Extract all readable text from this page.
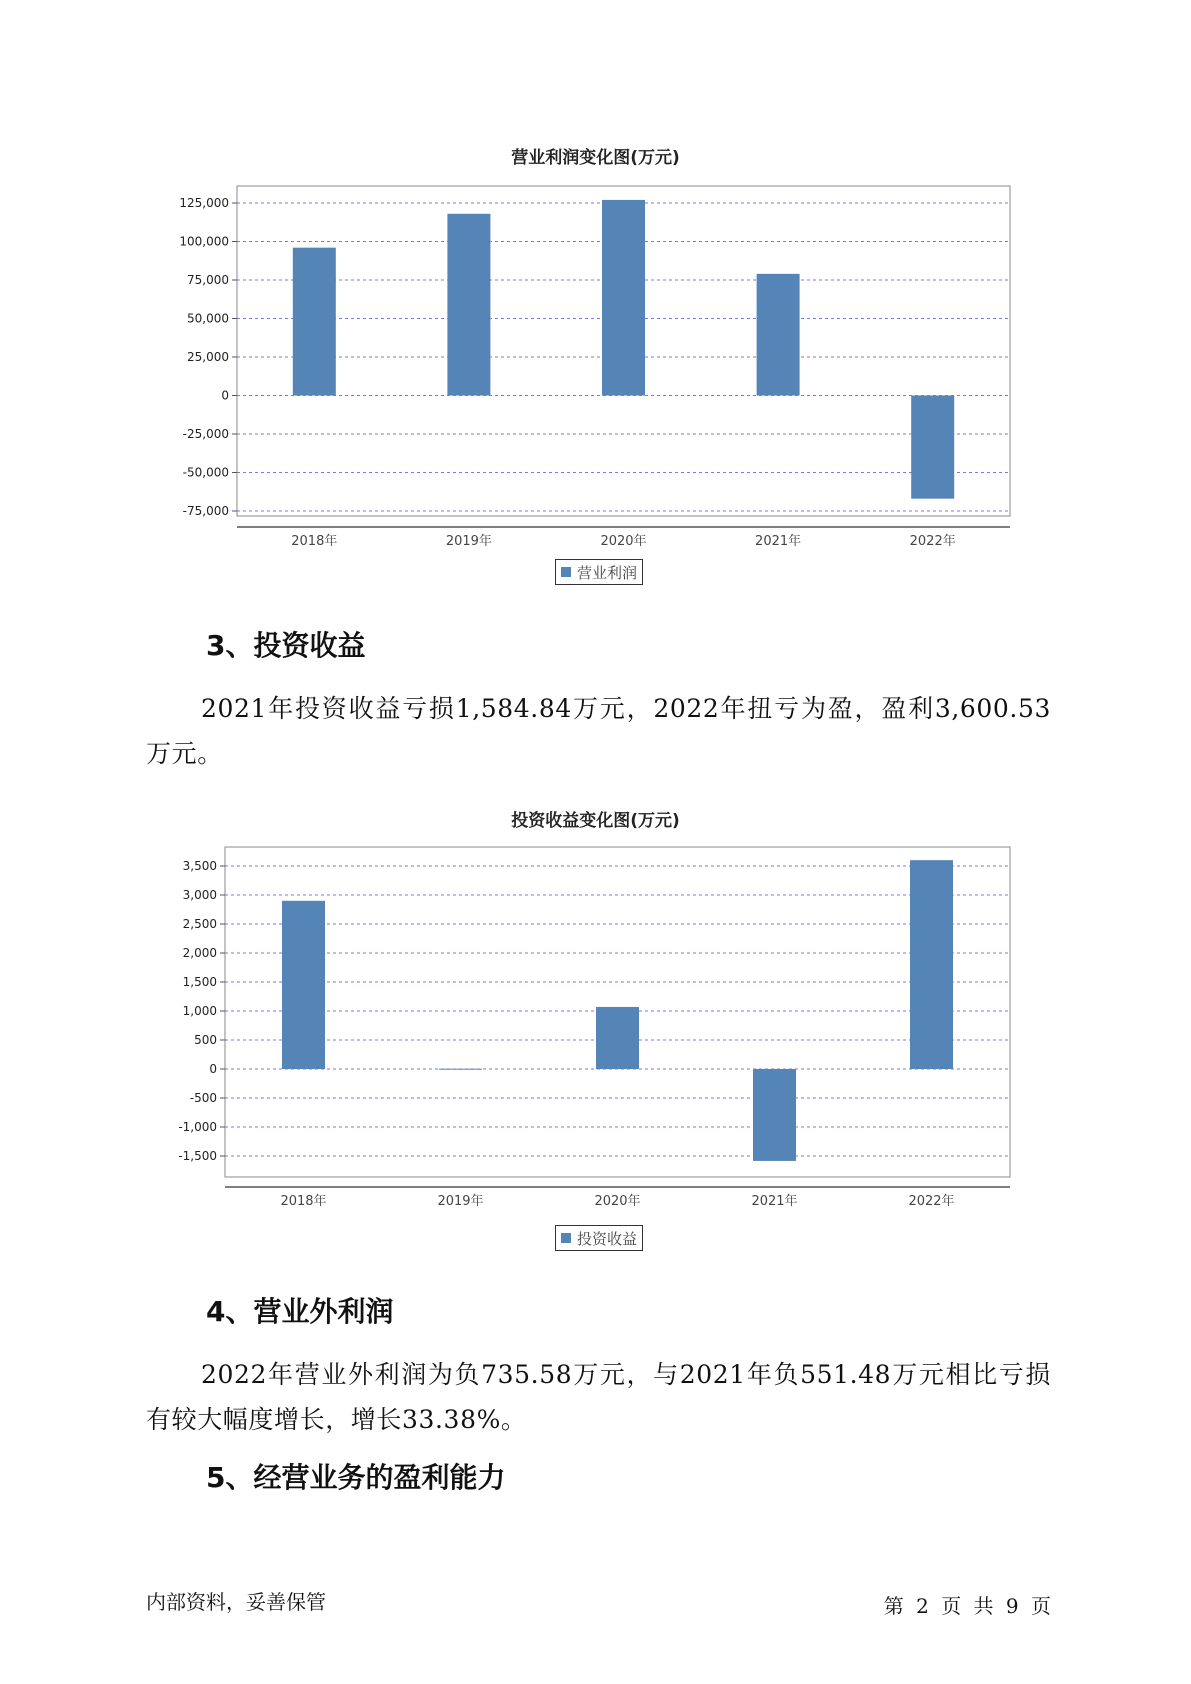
营业利润变化图(万元)
125,000
100,000
75,000
50,000
25,000
0
-25,000
-50,000
-75,000
2018年	2019年	2020年	2021年	2022年
营业利润
3、投资收益

2021年投资收益亏损1,584.84万元，2022年扭亏为盈，盈利3,600.53万元。

投资收益变化图(万元)
3,500
3,000
2,500
2,000
1,500
1,000
500
0
-500
-1,000
-1,500
2018年	2019年	2020年	2021年	2022年
投资收益
4、营业外利润

2022年营业外利润为负735.58万元，与2021年负551.48万元相比亏损有较大幅度增长，增长33.38%。

5、经营业务的盈利能力
内部资料，妥善保管	第 2 页 共 9 页
